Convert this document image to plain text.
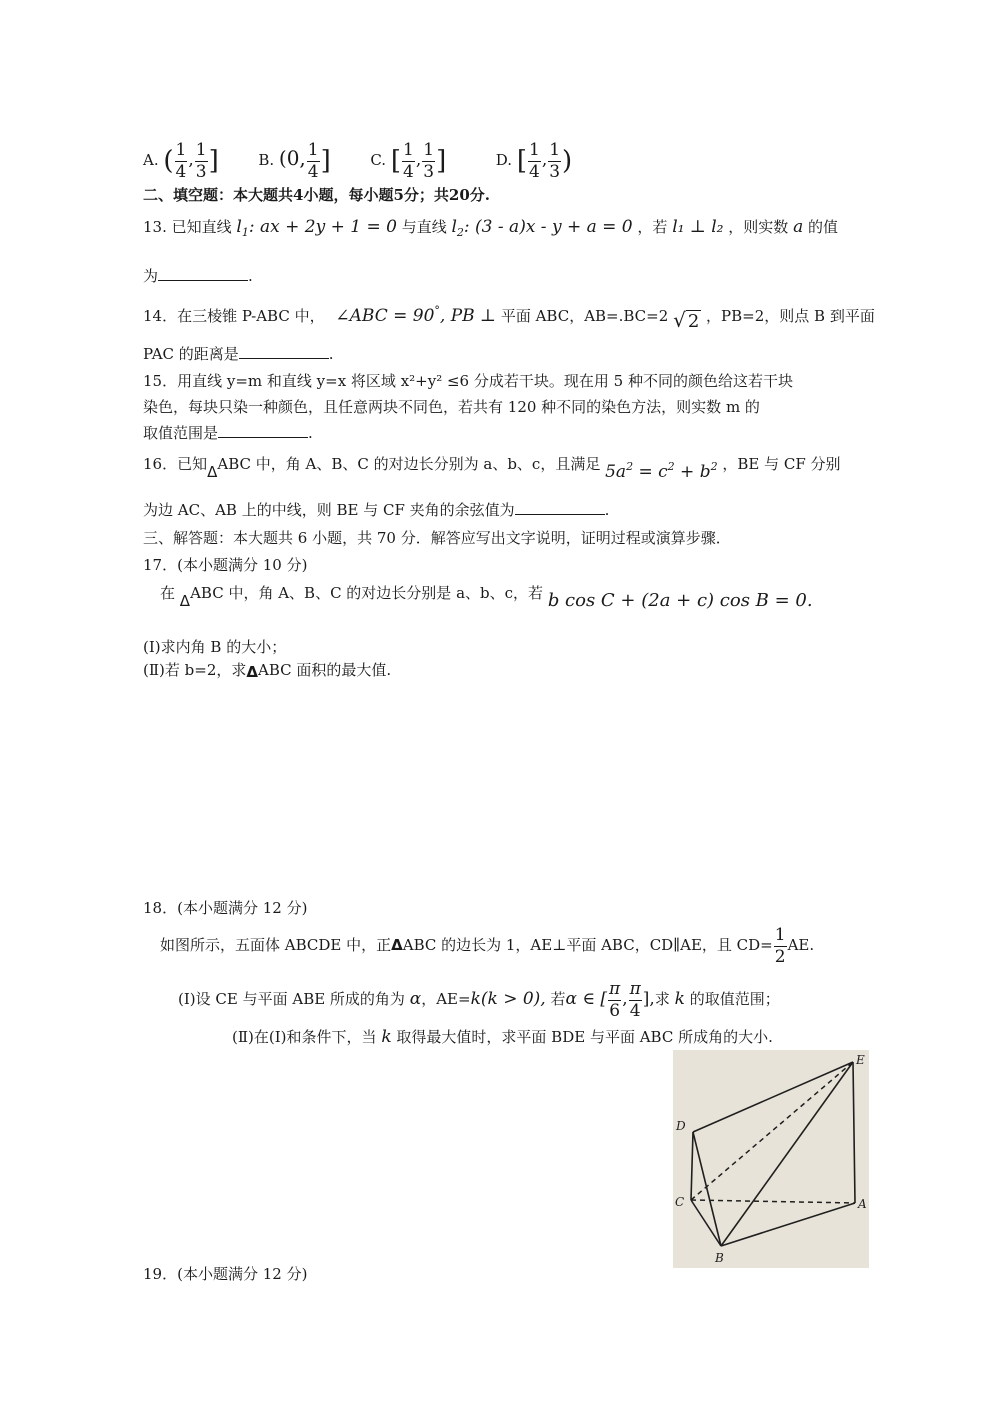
A. ( $\frac{1}{4}$ , $\frac{1}{3}$ ]	B. (0, $\frac{1}{4}$ ]	C. [ $\frac{1}{4}$ , $\frac{1}{3}$ ]	D. [ $\frac{1}{4}$ , $\frac{1}{3}$ )
二、填空题：本大题共4小题，每小题5分；共20分.
13. 已知直线 $l_1$: ax + 2y + 1 = 0 与直线 $l_2$: (3 - a)x - y + a = 0 ，若 l₁ ⊥ l₂ ，则实数 a 的值
为	.
14．在三棱锥 P-ABC 中， ∠ABC = 90°, PB ⊥ 平面 ABC，AB=.BC=2 √ 2 ，PB=2，则点 B 到平面
PAC 的距离是	.
15．用直线 y=m 和直线 y=x 将区域 x²+y² ≤6 分成若干块。现在用 5 种不同的颜色给这若干块
染色，每块只染一种颜色，且任意两块不同色，若共有 120 种不同的染色方法，则实数 m 的
取值范围是	.
16．已知ΔABC 中，角 A、B、C 的对边长分别为 a、b、c，且满足 $5a^2 = c^2 + b^2$ ，BE 与 CF 分别
为边 AC、AB 上的中线，则 BE 与 CF 夹角的余弦值为	.
三、解答题：本大题共 6 小题，共 70 分．解答应写出文字说明，证明过程或演算步骤．
17．(本小题满分 10 分)
在 ΔABC 中，角 A、B、C 的对边长分别是 a、b、c，若 b cos C + (2a + c) cos B = 0.
(Ⅰ)求内角 B 的大小；
(Ⅱ)若 b=2，求ΔABC 面积的最大值.
18．(本小题满分 12 分)
如图所示，五面体 ABCDE 中，正ΔABC 的边长为 1，AE⊥平面 ABC，CD∥AE，且 $CD= \frac{1}{2}$ AE.
(Ⅰ)设 CE 与平面 ABE 所成的角为 α，AE=k(k > 0), 若α ∈ [ $\frac{\pi}{6}$ , $\frac{\pi}{4}$ ],求 k 的取值范围；
(Ⅱ)在(Ⅰ)和条件下，当 k 取得最大值时，求平面 BDE 与平面 ABC 所成角的大小.
E
D
C	A
B
19．(本小题满分 12 分)
